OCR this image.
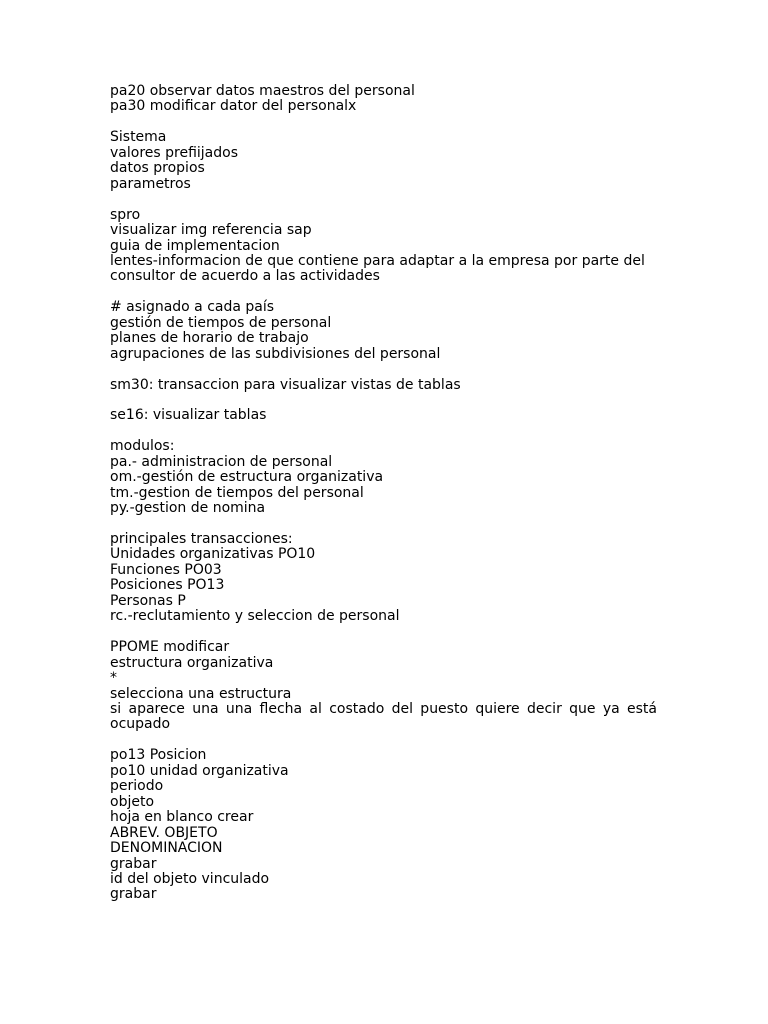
pa20 observar datos maestros del personal
pa30 modificar dator del personalx
Sistema
valores prefiijados
datos propios
parametros
spro
visualizar img referencia sap
guia de implementacion
lentes-informacion de que contiene para adaptar a la empresa por parte del
consultor de acuerdo a las actividades
# asignado a cada país
gestión de tiempos de personal
planes de horario de trabajo
agrupaciones de las subdivisiones del personal
sm30: transaccion para visualizar vistas de tablas
se16: visualizar tablas
modulos:
pa.- administracion de personal
om.-gestión de estructura organizativa
tm.-gestion de tiempos del personal
py.-gestion de nomina
principales transacciones:
Unidades organizativas PO10
Funciones PO03
Posiciones PO13
Personas P
rc.-reclutamiento y seleccion de personal
PPOME modificar
estructura organizativa
*
selecciona una estructura
si aparece una una flecha al costado del puesto quiere decir que ya está
ocupado
po13 Posicion
po10 unidad organizativa
periodo
objeto
hoja en blanco crear
ABREV. OBJETO
DENOMINACION
grabar
id del objeto vinculado
grabar
